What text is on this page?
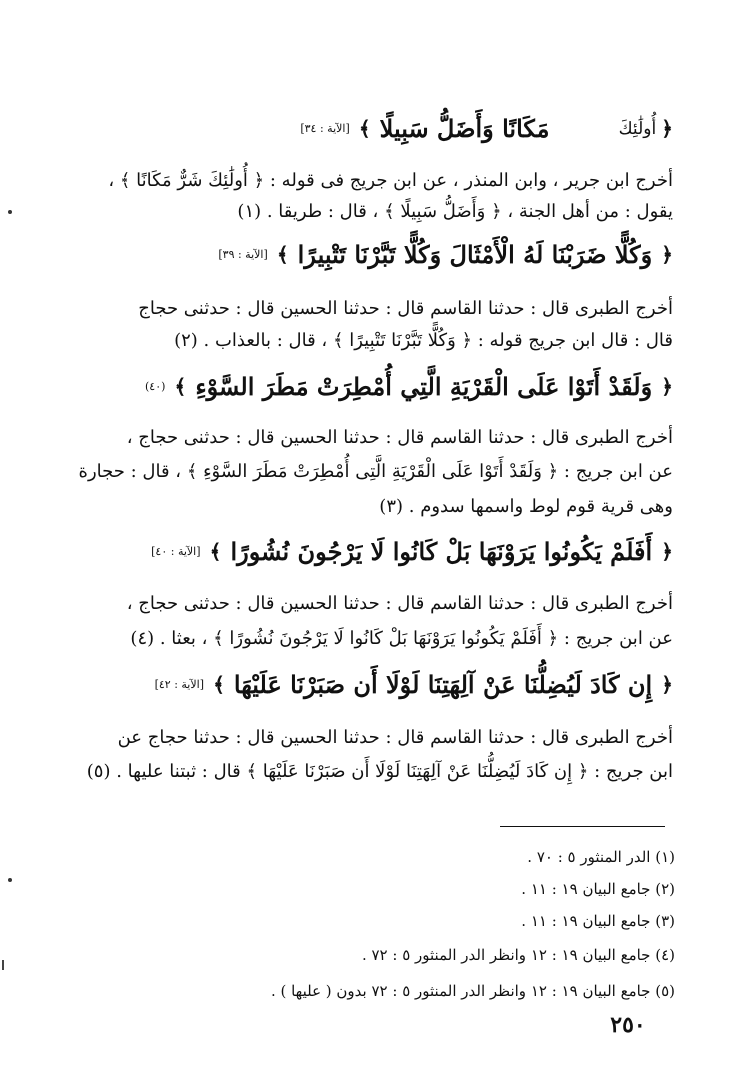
﴿ أُولَٰئِكَ مَكَانًا وَأَضَلُّ سَبِيلًا ﴾ [الآية : ٣٤]
أخرج ابن جرير ، وابن المنذر ، عن ابن جريج فى قوله : ﴿ أُولَٰئِكَ شَرٌّ مَكَانًا ﴾ ،
يقول : من أهل الجنة ، ﴿ وَأَضَلُّ سَبِيلًا ﴾ ، قال : طريقا . (١)
﴿ وَكُلًّا ضَرَبْنَا لَهُ الْأَمْثَالَ وَكُلًّا تَبَّرْنَا تَتْبِيرًا ﴾ [الآية : ٣٩]
أخرج الطبرى قال : حدثنا القاسم قال : حدثنا الحسين قال : حدثنى حجاج
قال : قال ابن جريج قوله : ﴿ وَكُلًّا تَبَّرْنَا تَتْبِيرًا ﴾ ، قال : بالعذاب . (٢)
﴿ وَلَقَدْ أَتَوْا عَلَى الْقَرْيَةِ الَّتِي أُمْطِرَتْ مَطَرَ السَّوْءِ ﴾ (٤٠)
أخرج الطبرى قال : حدثنا القاسم قال : حدثنا الحسين قال : حدثنى حجاج ،
عن ابن جريج : ﴿ وَلَقَدْ أَتَوْا عَلَى الْقَرْيَةِ الَّتِى أُمْطِرَتْ مَطَرَ السَّوْءِ ﴾ ، قال : حجارة
وهى قرية قوم لوط واسمها سدوم . (٣)
﴿ أَفَلَمْ يَكُونُوا يَرَوْنَهَا بَلْ كَانُوا لَا يَرْجُونَ نُشُورًا ﴾ [الآية : ٤٠]
أخرج الطبرى قال : حدثنا القاسم قال : حدثنا الحسين قال : حدثنى حجاج ،
عن ابن جريج : ﴿ أَفَلَمْ يَكُونُوا يَرَوْنَهَا بَلْ كَانُوا لَا يَرْجُونَ نُشُورًا ﴾ ، بعثا . (٤)
﴿ إِن كَادَ لَيُضِلُّنَا عَنْ آلِهَتِنَا لَوْلَا أَن صَبَرْنَا عَلَيْهَا ﴾ [الآية : ٤٢]
أخرج الطبرى قال : حدثنا القاسم قال : حدثنا الحسين قال : حدثنا حجاج عن
ابن جريج : ﴿ إِن كَادَ لَيُضِلُّنَا عَنْ آلِهَتِنَا لَوْلَا أَن صَبَرْنَا عَلَيْهَا ﴾ قال : ثبتنا عليها . (٥)
(١) الدر المنثور ٥ : ٧٠ .
(٢) جامع البيان ١٩ : ١١ .
(٣) جامع البيان ١٩ : ١١ .
(٤) جامع البيان ١٩ : ١٢ وانظر الدر المنثور ٥ : ٧٢ .
(٥) جامع البيان ١٩ : ١٢ وانظر الدر المنثور ٥ : ٧٢ بدون ( عليها ) .
٢٥٠
